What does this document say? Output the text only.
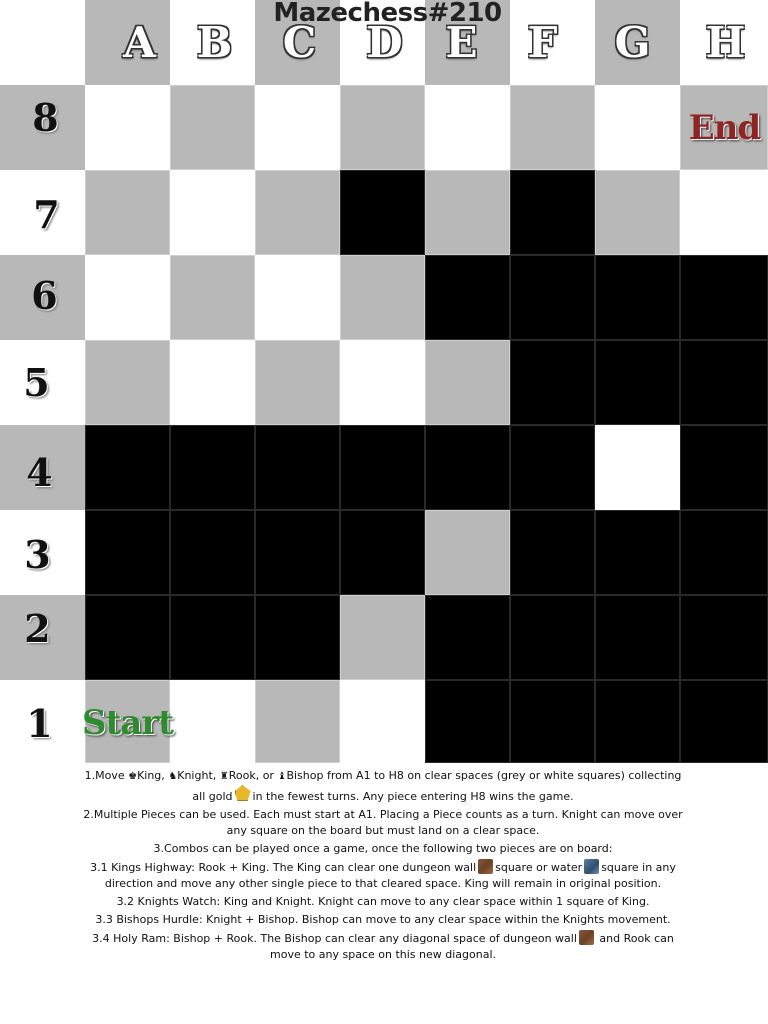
A B	C	D	E	F	G	H
8
7
6
5
4
3
2
1
Mazechess#210
Start
End

1.Move ♚King, ♞Knight, ♜Rook, or ♝Bishop from A1 to H8 on clear spaces (grey or white squares) collecting all gold in the fewest turns. Any piece entering H8 wins the game.

2.Multiple Pieces can be used. Each must start at A1. Placing a Piece counts as a turn. Knight can move over any square on the board but must land on a clear space.

3.Combos can be played once a game, once the following two pieces are on board:

3.1 Kings Highway: Rook + King. The King can clear one dungeon wall square or water square in any direction and move any other single piece to that cleared space. King will remain in original position.

3.2 Knights Watch: King and Knight. Knight can move to any clear space within 1 square of King.

3.3 Bishops Hurdle: Knight + Bishop. Bishop can move to any clear space within the Knights movement.

3.4 Holy Ram: Bishop + Rook. The Bishop can clear any diagonal space of dungeon wall and Rook can move to any space on this new diagonal.
